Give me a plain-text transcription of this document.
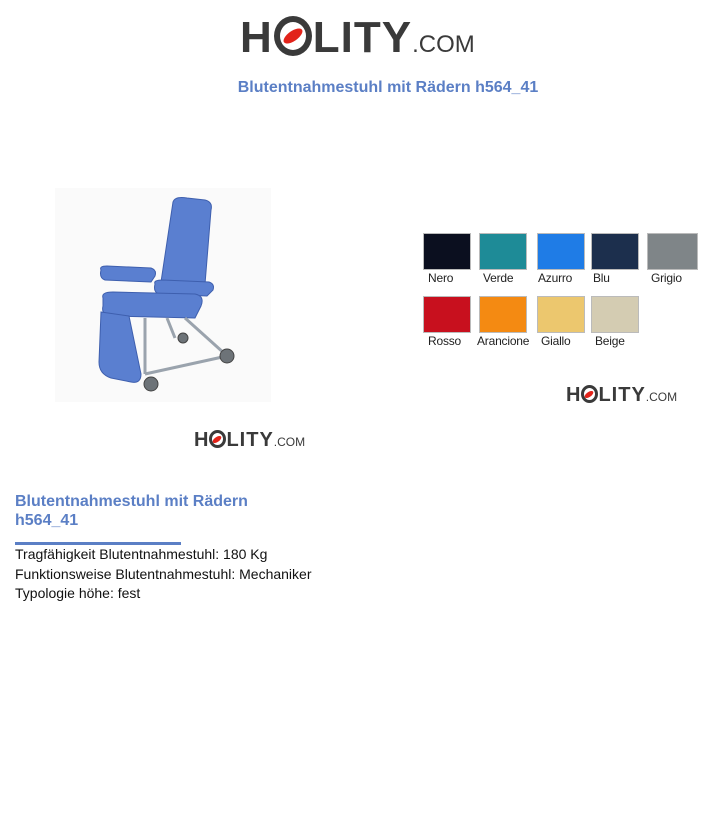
H LITY .COM
Blutentnahmestuhl mit Rädern h564_41
H LITY .COM
Nero	Verde	Azurro	Blu	Grigio
Rosso	Arancione Giallo	Beige
H LITY .COM
Blutentnahmestuhl mit Rädern
h564_41
Tragfähigkeit Blutentnahmestuhl: 180 Kg
Funktionsweise Blutentnahmestuhl: Mechaniker
Typologie höhe: fest
